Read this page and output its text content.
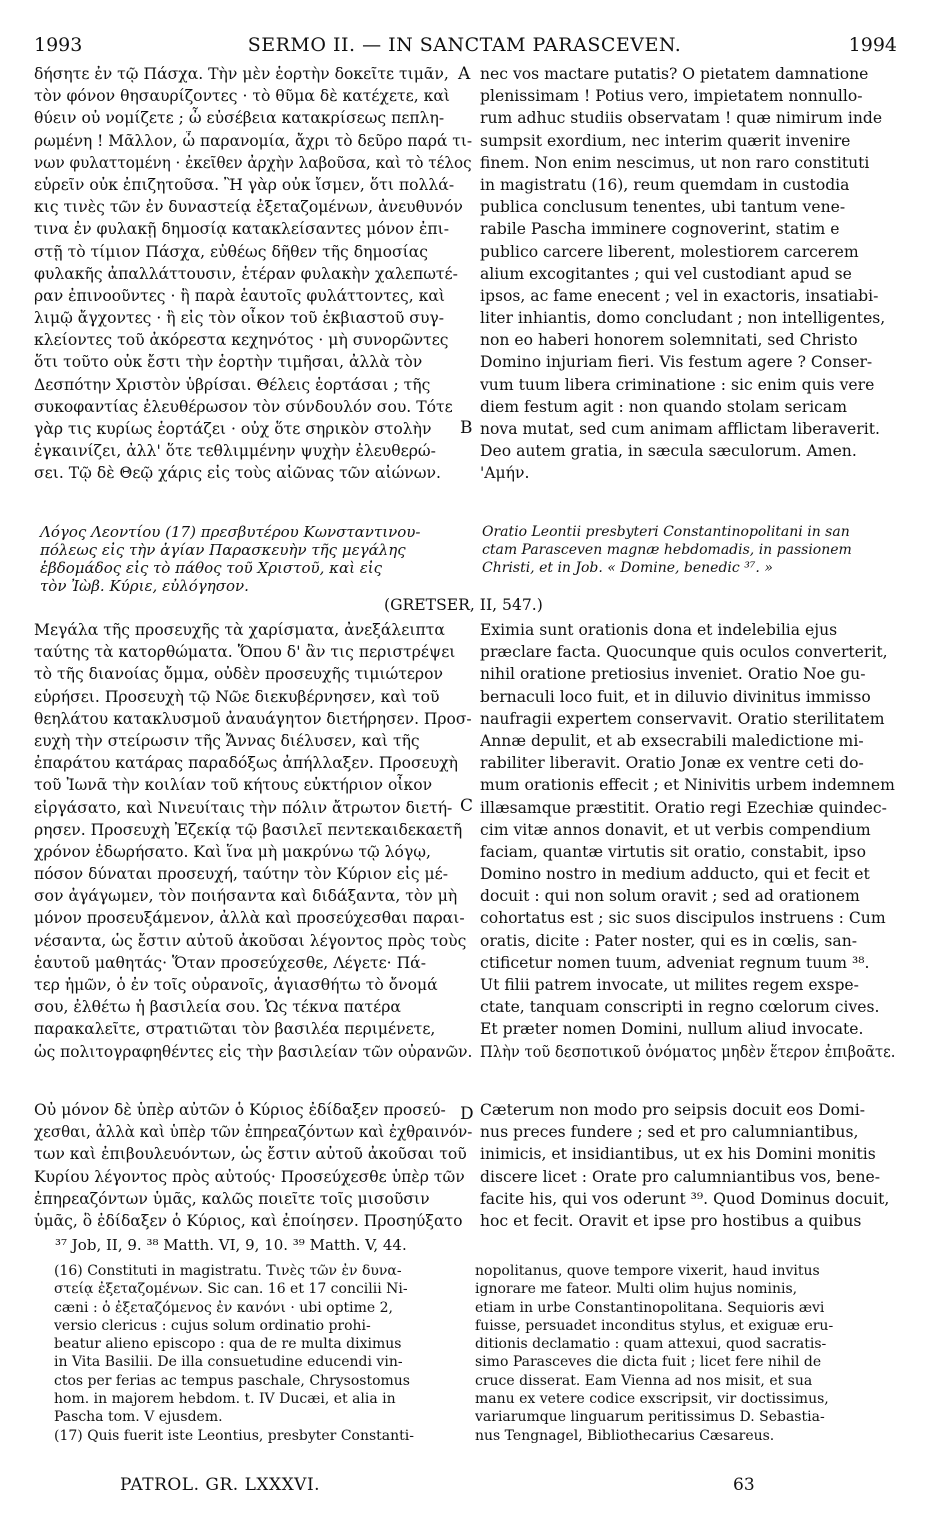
1993	SERMO II. — IN SANCTAM PARASCEVEN.	1994
δήσητε ἐν τῷ Πάσχα. Τὴν μὲν ἑορτὴν δοκεῖτε τιμᾶν,
τὸν φόνον θησαυρίζοντες · τὸ θῦμα δὲ κατέχετε, καὶ
θύειν οὐ νομίζετε ; ὦ εὐσέβεια κατακρίσεως πεπλη-
ρωμένη ! Μᾶλλον, ὦ παρανομία, ἄχρι τὸ δεῦρο παρά τι-
νων φυλαττομένη · ἐκεῖθεν ἀρχὴν λαβοῦσα, καὶ τὸ τέλος
εὑρεῖν οὐκ ἐπιζητοῦσα. Ἢ γὰρ οὐκ ἴσμεν, ὅτι πολλά-
κις τινὲς τῶν ἐν δυναστείᾳ ἐξεταζομένων, ἀνευθυνόν
τινα ἐν φυλακῇ δημοσίᾳ κατακλείσαντες μόνον ἐπι-
στῇ τὸ τίμιον Πάσχα, εὐθέως δῆθεν τῆς δημοσίας
φυλακῆς ἀπαλλάττουσιν, ἑτέραν φυλακὴν χαλεπωτέ-
ραν ἐπινοοῦντες · ἢ παρὰ ἑαυτοῖς φυλάττοντες, καὶ
λιμῷ ἄγχοντες · ἢ εἰς τὸν οἶκον τοῦ ἐκβιαστοῦ συγ-
κλείοντες τοῦ ἀκόρεστα κεχηνότος · μὴ συνορῶντες
ὅτι τοῦτο οὐκ ἔστι τὴν ἑορτὴν τιμῆσαι, ἀλλὰ τὸν
Δεσπότην Χριστὸν ὑβρίσαι. Θέλεις ἑορτάσαι ; τῆς
συκοφαντίας ἐλευθέρωσον τὸν σύνδουλόν σου. Τότε
γὰρ τις κυρίως ἑορτάζει · οὐχ ὅτε σηρικὸν στολὴν
ἐγκαινίζει, ἀλλ' ὅτε τεθλιμμένην ψυχὴν ἐλευθερώ-
σει. Τῷ δὲ Θεῷ χάρις εἰς τοὺς αἰῶνας τῶν αἰώνων.
nec vos mactare putatis? O pietatem damnatione
plenissimam ! Potius vero, impietatem nonnullo-
rum adhuc studiis observatam ! quæ nimirum inde
sumpsit exordium, nec interim quærit invenire
finem. Non enim nescimus, ut non raro constituti
in magistratu (16), reum quemdam in custodia
publica conclusum tenentes, ubi tantum vene-
rabile Pascha imminere cognoverint, statim e
publico carcere liberent, molestiorem carcerem
alium excogitantes ; qui vel custodiant apud se
ipsos, ac fame enecent ; vel in exactoris, insatiabi-
liter inhiantis, domo concludant ; non intelligentes,
non eo haberi honorem solemnitati, sed Christo
Domino injuriam fieri. Vis festum agere ? Conser-
vum tuum libera criminatione : sic enim quis vere
diem festum agit : non quando stolam sericam
nova mutat, sed cum animam afflictam liberaverit.
Deo autem gratia, in sæcula sæculorum. Amen.
'Αμήν.
A
B
C
D
Λόγος Λεοντίου (17) πρεσβυτέρου Κωνσταντινου-
πόλεως εἰς τὴν ἁγίαν Παρασκευὴν τῆς μεγάλης
ἑβδομάδος εἰς τὸ πάθος τοῦ Χριστοῦ, καὶ εἰς
τὸν Ἰὼβ. Κύριε, εὐλόγησον.
Oratio Leontii presbyteri Constantinopolitani in san
ctam Parasceven magnæ hebdomadis, in passionem
Christi, et in Job. « Domine, benedic ³⁷. »
(GRETSER, II, 547.)
Μεγάλα τῆς προσευχῆς τὰ χαρίσματα, ἀνεξάλειπτα
ταύτης τὰ κατορθώματα. Ὅπου δ' ἂν τις περιστρέψει
τὸ τῆς διανοίας ὄμμα, οὐδὲν προσευχῆς τιμιώτερον
εὑρήσει. Προσευχὴ τῷ Νῶε διεκυβέρνησεν, καὶ τοῦ
θεηλάτου κατακλυσμοῦ ἀναυάγητον διετήρησεν. Προσ-
ευχὴ τὴν στείρωσιν τῆς Ἄννας διέλυσεν, καὶ τῆς
ἐπαράτου κατάρας παραδόξως ἀπήλλαξεν. Προσευχὴ
τοῦ Ἰωνᾶ τὴν κοιλίαν τοῦ κήτους εὐκτήριον οἶκον
εἰργάσατο, καὶ Νινευίταις τὴν πόλιν ἄτρωτον διετή-
ρησεν. Προσευχὴ Ἐζεκίᾳ τῷ βασιλεῖ πεντεκαιδεκαετῆ
χρόνον ἐδωρήσατο. Καὶ ἵνα μὴ μακρύνω τῷ λόγῳ,
πόσον δύναται προσευχή, ταύτην τὸν Κύριον εἰς μέ-
σον ἀγάγωμεν, τὸν ποιήσαντα καὶ διδάξαντα, τὸν μὴ
μόνον προσευξάμενον, ἀλλὰ καὶ προσεύχεσθαι παραι-
νέσαντα, ὡς ἔστιν αὐτοῦ ἀκοῦσαι λέγοντος πρὸς τοὺς
ἑαυτοῦ μαθητάς· Ὅταν προσεύχεσθε, Λέγετε· Πά-
τερ ἡμῶν, ὁ ἐν τοῖς οὐρανοῖς, ἁγιασθήτω τὸ ὄνομά
σου, ἐλθέτω ἡ βασιλεία σου. Ὡς τέκνα πατέρα
παρακαλεῖτε, στρατιῶται τὸν βασιλέα περιμένετε,
ὡς πολιτογραφηθέντες εἰς τὴν βασιλείαν τῶν οὐρανῶν.
Eximia sunt orationis dona et indelebilia ejus
præclare facta. Quocunque quis oculos converterit,
nihil oratione pretiosius inveniet. Oratio Noe gu-
bernaculi loco fuit, et in diluvio divinitus immisso
naufragii expertem conservavit. Oratio sterilitatem
Annæ depulit, et ab exsecrabili maledictione mi-
rabiliter liberavit. Oratio Jonæ ex ventre ceti do-
mum orationis effecit ; et Ninivitis urbem indemnem
illæsamque præstitit. Oratio regi Ezechiæ quindec-
cim vitæ annos donavit, et ut verbis compendium
faciam, quantæ virtutis sit oratio, constabit, ipso
Domino nostro in medium adducto, qui et fecit et
docuit : qui non solum oravit ; sed ad orationem
cohortatus est ; sic suos discipulos instruens : Cum
oratis, dicite : Pater noster, qui es in cœlis, san-
ctificetur nomen tuum, adveniat regnum tuum ³⁸.
Ut filii patrem invocate, ut milites regem exspe-
ctate, tanquam conscripti in regno cœlorum cives.
Et præter nomen Domini, nullum aliud invocate.
Πλὴν τοῦ δεσποτικοῦ ὀνόματος μηδὲν ἕτερον ἐπιβοᾶτε.
Οὐ μόνον δὲ ὑπὲρ αὐτῶν ὁ Κύριος ἐδίδαξεν προσεύ-
χεσθαι, ἀλλὰ καὶ ὑπὲρ τῶν ἐπηρεαζόντων καὶ ἐχθραινόν-
των καὶ ἐπιβουλευόντων, ὡς ἔστιν αὐτοῦ ἀκοῦσαι τοῦ
Κυρίου λέγοντος πρὸς αὐτούς· Προσεύχεσθε ὑπὲρ τῶν
ἐπηρεαζόντων ὑμᾶς, καλῶς ποιεῖτε τοῖς μισοῦσιν
ὑμᾶς, ὃ ἐδίδαξεν ὁ Κύριος, καὶ ἐποίησεν. Προσηύξατο
Cæterum non modo pro seipsis docuit eos Domi-
nus preces fundere ; sed et pro calumniantibus,
inimicis, et insidiantibus, ut ex his Domini monitis
discere licet : Orate pro calumniantibus vos, bene-
facite his, qui vos oderunt ³⁹. Quod Dominus docuit,
hoc et fecit. Oravit et ipse pro hostibus a quibus
³⁷ Job, II, 9. ³⁸ Matth. VI, 9, 10. ³⁹ Matth. V, 44.
(16) Constituti in magistratu. Τινὲς τῶν ἐν δυνα-
στείᾳ ἐξεταζομένων. Sic can. 16 et 17 concilii Ni-
cæni : ὁ ἐξεταζόμενος ἐν κανόνι · ubi optime 2,
versio clericus : cujus solum ordinatio prohi-
beatur alieno episcopo : qua de re multa diximus
in Vita Basilii. De illa consuetudine educendi vin-
ctos per ferias ac tempus paschale, Chrysostomus
hom. in majorem hebdom. t. IV Ducæi, et alia in
Pascha tom. V ejusdem.
(17) Quis fuerit iste Leontius, presbyter Constanti-
nopolitanus, quove tempore vixerit, haud invitus
ignorare me fateor. Multi olim hujus nominis,
etiam in urbe Constantinopolitana. Sequioris ævi
fuisse, persuadet inconditus stylus, et exiguæ eru-
ditionis declamatio : quam attexui, quod sacratis-
simo Parasceves die dicta fuit ; licet fere nihil de
cruce disserat. Eam Vienna ad nos misit, et sua
manu ex vetere codice exscripsit, vir doctissimus,
variarumque linguarum peritissimus D. Sebastia-
nus Tengnagel, Bibliothecarius Cæsareus.
PATROL. GR. LXXXVI.	63
